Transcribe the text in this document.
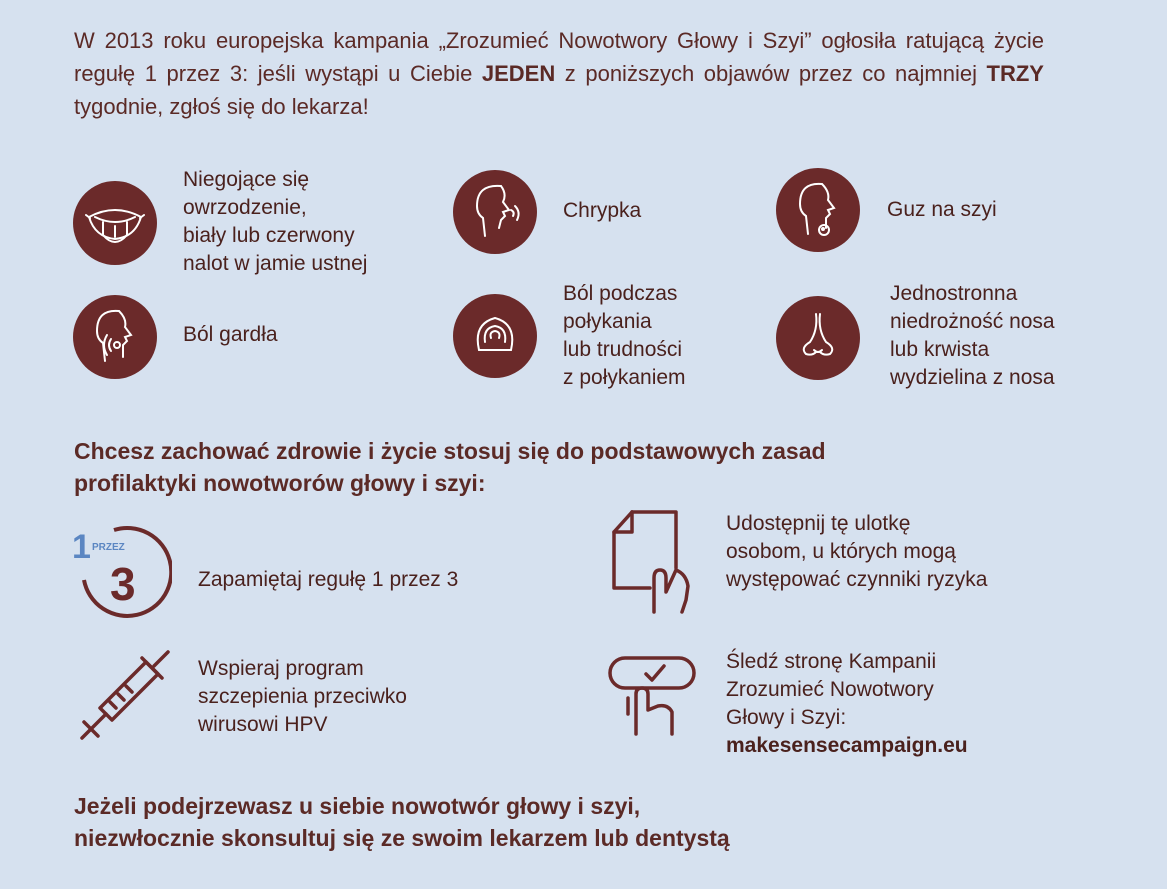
W 2013 roku europejska kampania „Zrozumieć Nowotwory Głowy i Szyi” ogłosiła ratującą życie regułę 1 przez 3: jeśli wystąpi u Ciebie JEDEN z poniższych objawów przez co najmniej TRZY tygodnie, zgłoś się do lekarza!
Niegojące się
owrzodzenie,
biały lub czerwony
nalot w jamie ustnej
Chrypka	Guz na szyi
Ból gardła
Ból podczas
połykania
lub trudności
z połykaniem
Jednostronna
niedrożność nosa
lub krwista
wydzielina z nosa
Chcesz zachować zdrowie i życie stosuj się do podstawowych zasad
profilaktyki nowotworów głowy i szyi:
1 PRZEZ
3	Zapamiętaj regułę 1 przez 3
Udostępnij tę ulotkę
osobom, u których mogą
występować czynniki ryzyka
Wspieraj program
szczepienia przeciwko
wirusowi HPV
Śledź stronę Kampanii
Zrozumieć Nowotwory
Głowy i Szyi:
makesensecampaign.eu
Jeżeli podejrzewasz u siebie nowotwór głowy i szyi,
niezwłocznie skonsultuj się ze swoim lekarzem lub dentystą
